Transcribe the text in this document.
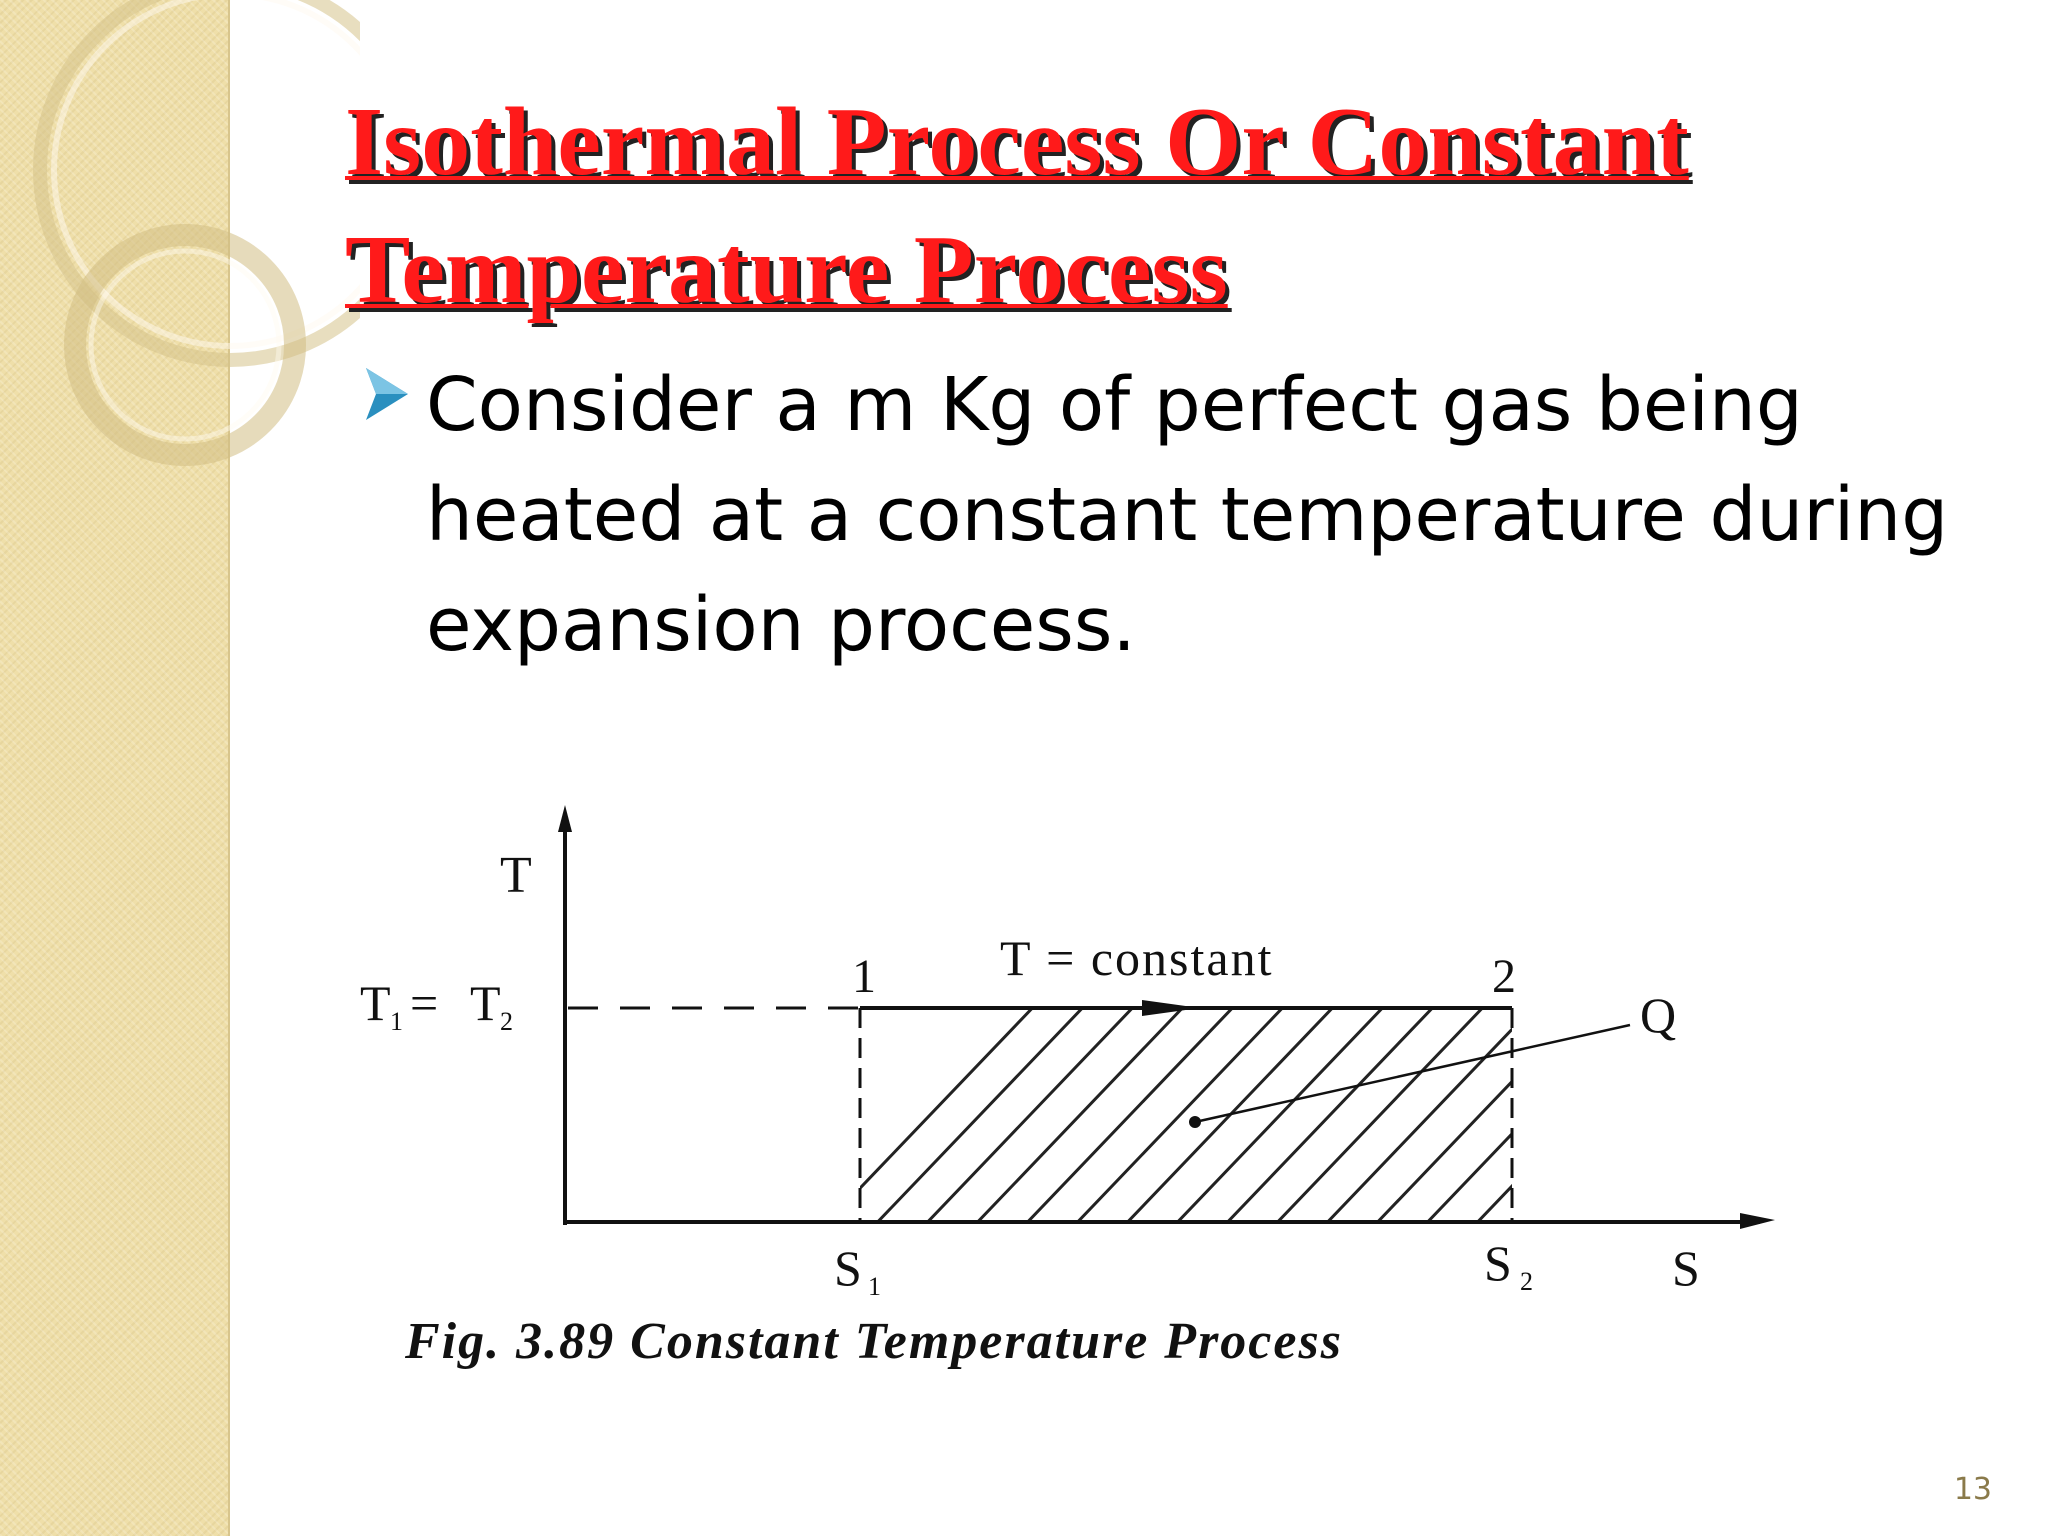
Isothermal Process Or Constant
Temperature Process
Consider a m Kg of perfect gas being heated at a constant temperature during expansion process.
T
T 1 = T 2
1	2
T = constant
Q
S 1	S 2	S
Fig. 3.89 Constant Temperature Process
13
